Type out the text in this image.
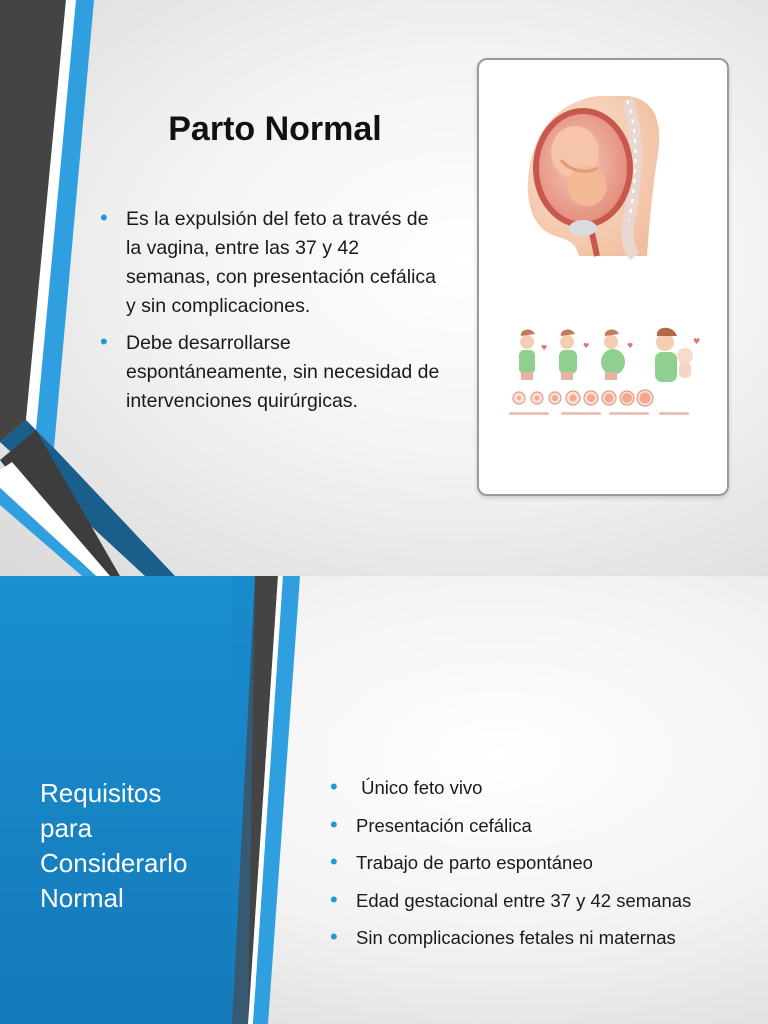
Parto Normal
• Es la expulsión del feto a través de la vagina, entre las 37 y 42 semanas, con presentación cefálica y sin complicaciones.
• Debe desarrollarse espontáneamente, sin necesidad de intervenciones quirúrgicas.
♥	♥	♥	♥
Requisitos
para
Considerarlo
Normal
• Único feto vivo
• Presentación cefálica
• Trabajo de parto espontáneo
• Edad gestacional entre 37 y 42 semanas
• Sin complicaciones fetales ni maternas
